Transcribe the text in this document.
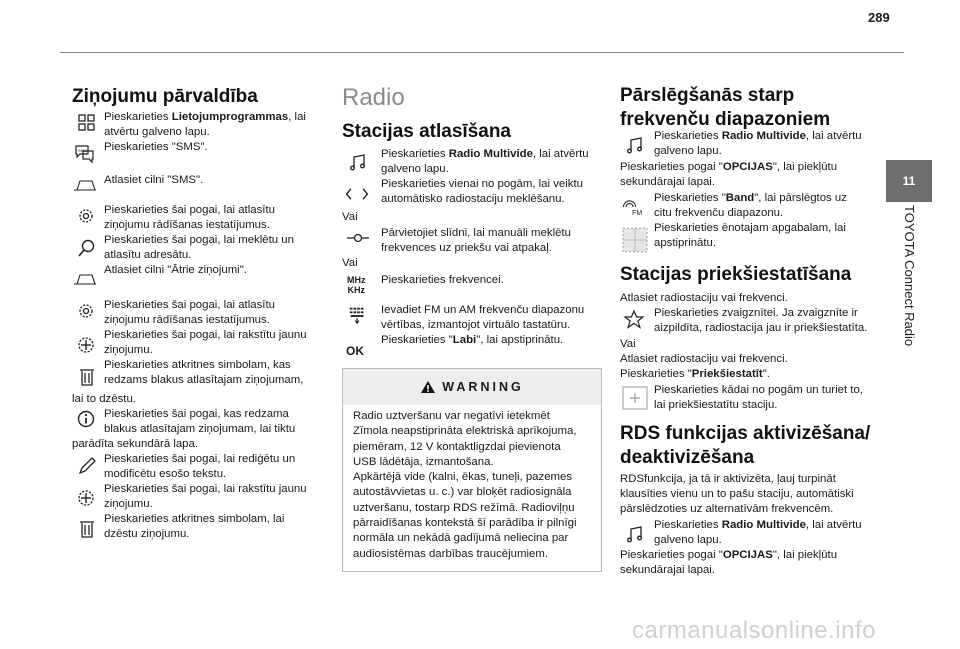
289
11
TOYOTA Connect Radio
Ziņojumu pārvaldība
Pieskarieties Lietojumprogrammas, lai
atvērtu galveno lapu.
Pieskarieties "SMS".
SMS
Atlasiet cilni "SMS".
Pieskarieties šai pogai, lai atlasītu
ziņojumu rādīšanas iestatījumus.
Pieskarieties šai pogai, lai meklētu un
atlasītu adresātu.
Atlasiet cilni "Ātrie ziņojumi".
Pieskarieties šai pogai, lai atlasītu
ziņojumu rādīšanas iestatījumus.
Pieskarieties šai pogai, lai rakstītu jaunu
ziņojumu.
Pieskarieties atkritnes simbolam, kas
redzams blakus atlasītajam ziņojumam,
lai to dzēstu.
Pieskarieties šai pogai, kas redzama
blakus atlasītajam ziņojumam, lai tiktu
parādīta sekundārā lapa.
Pieskarieties šai pogai, lai rediģētu un
modificētu esošo tekstu.
Pieskarieties šai pogai, lai rakstītu jaunu
ziņojumu.
Pieskarieties atkritnes simbolam, lai
dzēstu ziņojumu.
Radio
Stacijas atlasīšana
Pieskarieties Radio Multivide, lai atvērtu
galveno lapu.
Pieskarieties vienai no pogām, lai veiktu
automātisko radiostaciju meklēšanu.
Vai
Pārvietojiet slīdni, lai manuāli meklētu
frekvences uz priekšu vai atpakaļ.
Vai
MHz
KHz
Pieskarieties frekvencei.
Ievadiet FM un AM frekvenču diapazonu
vērtības, izmantojot virtuālo tastatūru.
Pieskarieties "Labi", lai apstiprinātu.
OK
WARNING
Radio uztveršanu var negatīvi ietekmēt
Zīmola neapstiprināta elektriskā aprīkojuma,
piemēram, 12 V kontaktligzdai pievienota
USB lādētāja, izmantošana.
Apkārtējā vide (kalni, ēkas, tuneļi, pazemes
autostāvvietas u. c.) var bloķēt radiosignāla
uztveršanu, tostarp RDS režīmā. Radioviļņu
pārraidīšanas kontekstā šī parādība ir pilnīgi
normāla un nekādā gadījumā neliecina par
audiosistēmas darbības traucējumiem.
Pārslēgšanās starp
frekvenču diapazoniem
Pieskarieties Radio Multivide, lai atvērtu
galveno lapu.
Pieskarieties pogai "OPCIJAS", lai piekļūtu
sekundārajai lapai.
FM
Pieskarieties "Band", lai pārslēgtos uz
citu frekvenču diapazonu.
Pieskarieties ēnotajam apgabalam, lai
apstiprinātu.
Stacijas priekšiestatīšana
Atlasiet radiostaciju vai frekvenci.
Pieskarieties zvaigznītei. Ja zvaigznīte ir
aizpildīta, radiostacija jau ir priekšiestatīta.
Vai
Atlasiet radiostaciju vai frekvenci.
Pieskarieties "Priekšiestatīt".
Pieskarieties kādai no pogām un turiet to,
lai priekšiestatītu staciju.
RDS funkcijas aktivizēšana/
deaktivizēšana
RDSfunkcija, ja tā ir aktivizēta, ļauj turpināt
klausīties vienu un to pašu staciju, automātiski
pārslēdzoties uz alternatīvām frekvencēm.
Pieskarieties Radio Multivide, lai atvērtu
galveno lapu.
Pieskarieties pogai "OPCIJAS", lai piekļūtu
sekundārajai lapai.
carmanualsonline.info
